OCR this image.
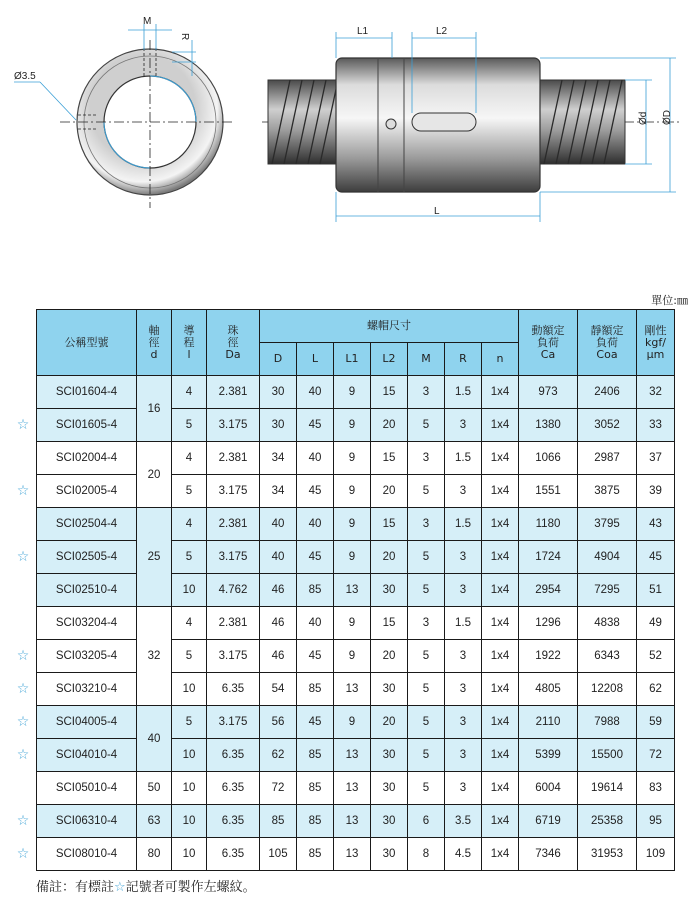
M
R
Ø3.5
L1	L2
L
Ød ØD
單位:㎜
☆
☆
☆
☆
☆
☆
☆
☆
☆
公稱型號	軸
徑
d	導
程
l	珠
徑
Da	螺帽尺寸							動額定
負荷
Ca	靜額定
負荷
Coa	剛性
kgf/
μm
				D	L	L1	L2	M	R	n			
SCI01604-4	16	4	2.381	30	40	9	15	3	1.5	1x4	973	2406	32
SCI01605-4		5	3.175	30	45	9	20	5	3	1x4	1380	3052	33
SCI02004-4	20	4	2.381	34	40	9	15	3	1.5	1x4	1066	2987	37
SCI02005-4		5	3.175	34	45	9	20	5	3	1x4	1551	3875	39
SCI02504-4	25	4	2.381	40	40	9	15	3	1.5	1x4	1180	3795	43
SCI02505-4		5	3.175	40	45	9	20	5	3	1x4	1724	4904	45
SCI02510-4		10	4.762	46	85	13	30	5	3	1x4	2954	7295	51
SCI03204-4	32	4	2.381	46	40	9	15	3	1.5	1x4	1296	4838	49
SCI03205-4		5	3.175	46	45	9	20	5	3	1x4	1922	6343	52
SCI03210-4		10	6.35	54	85	13	30	5	3	1x4	4805	12208	62
SCI04005-4	40	5	3.175	56	45	9	20	5	3	1x4	2110	7988	59
SCI04010-4		10	6.35	62	85	13	30	5	3	1x4	5399	15500	72
SCI05010-4	50	10	6.35	72	85	13	30	5	3	1x4	6004	19614	83
SCI06310-4	63	10	6.35	85	85	13	30	6	3.5	1x4	6719	25358	95
SCI08010-4	80	10	6.35	105	85	13	30	8	4.5	1x4	7346	31953	109
備註：有標註☆記號者可製作左螺紋。
